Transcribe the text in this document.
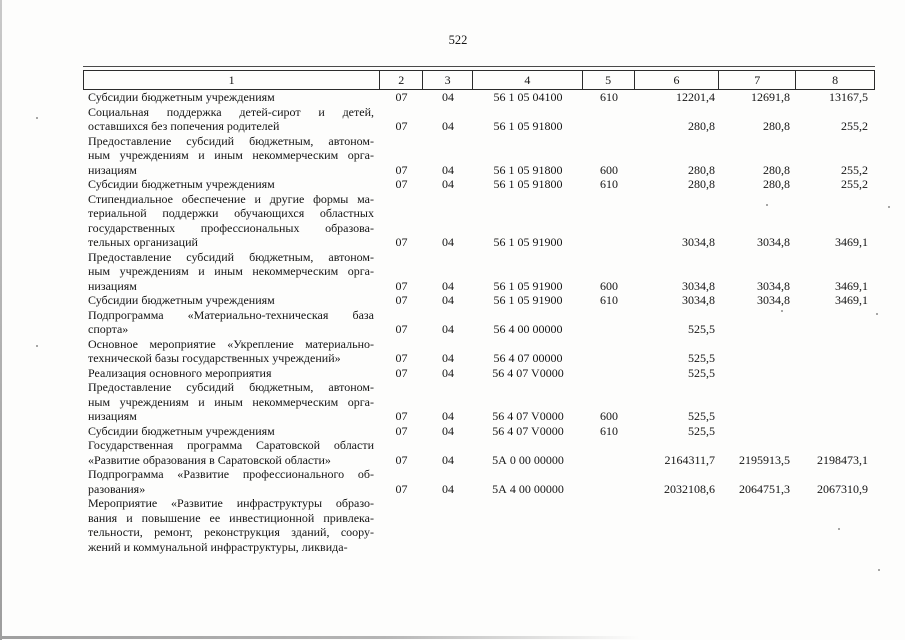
522
1	2	3	4	5	6	7	8
Субсидии бюджетным учреждениям	07	04	56 1 05 04100	610	12201,4	12691,8	13167,5

Социальная поддержка детей-сирот и детей,
оставшихся без попечения родителей	07	04	56 1 05 91800		280,8	280,8	255,2

Предоставление субсидий бюджетным, автоном-
ным учреждениям и иным некоммерческим орга-
низациям	07	04	56 1 05 91800	600	280,8	280,8	255,2

Субсидии бюджетным учреждениям	07	04	56 1 05 91800	610	280,8	280,8	255,2

Стипендиальное обеспечение и другие формы ма-
териальной поддержки обучающихся областных
государственных профессиональных образова-
тельных организаций	07	04	56 1 05 91900		3034,8	3034,8	3469,1

Предоставление субсидий бюджетным, автоном-
ным учреждениям и иным некоммерческим орга-
низациям	07	04	56 1 05 91900	600	3034,8	3034,8	3469,1

Субсидии бюджетным учреждениям	07	04	56 1 05 91900	610	3034,8	3034,8	3469,1

Подпрограмма «Материально-техническая база
спорта»	07	04	56 4 00 00000		525,5		

Основное мероприятие «Укрепление материально-
технической базы государственных учреждений»	07	04	56 4 07 00000		525,5		

Реализация основного мероприятия	07	04	56 4 07 V0000		525,5		

Предоставление субсидий бюджетным, автоном-
ным учреждениям и иным некоммерческим орга-
низациям	07	04	56 4 07 V0000	600	525,5		

Субсидии бюджетным учреждениям	07	04	56 4 07 V0000	610	525,5		

Государственная программа Саратовской области
«Развитие образования в Саратовской области»	07	04	5А 0 00 00000		2164311,7	2195913,5	2198473,1

Подпрограмма «Развитие профессионального об-
разования»	07	04	5А 4 00 00000		2032108,6	2064751,3	2067310,9

Мероприятие «Развитие инфраструктуры образо-
вания и повышение ее инвестиционной привлека-
тельности, ремонт, реконструкция зданий, соору-
жений и коммунальной инфраструктуры, ликвида-
